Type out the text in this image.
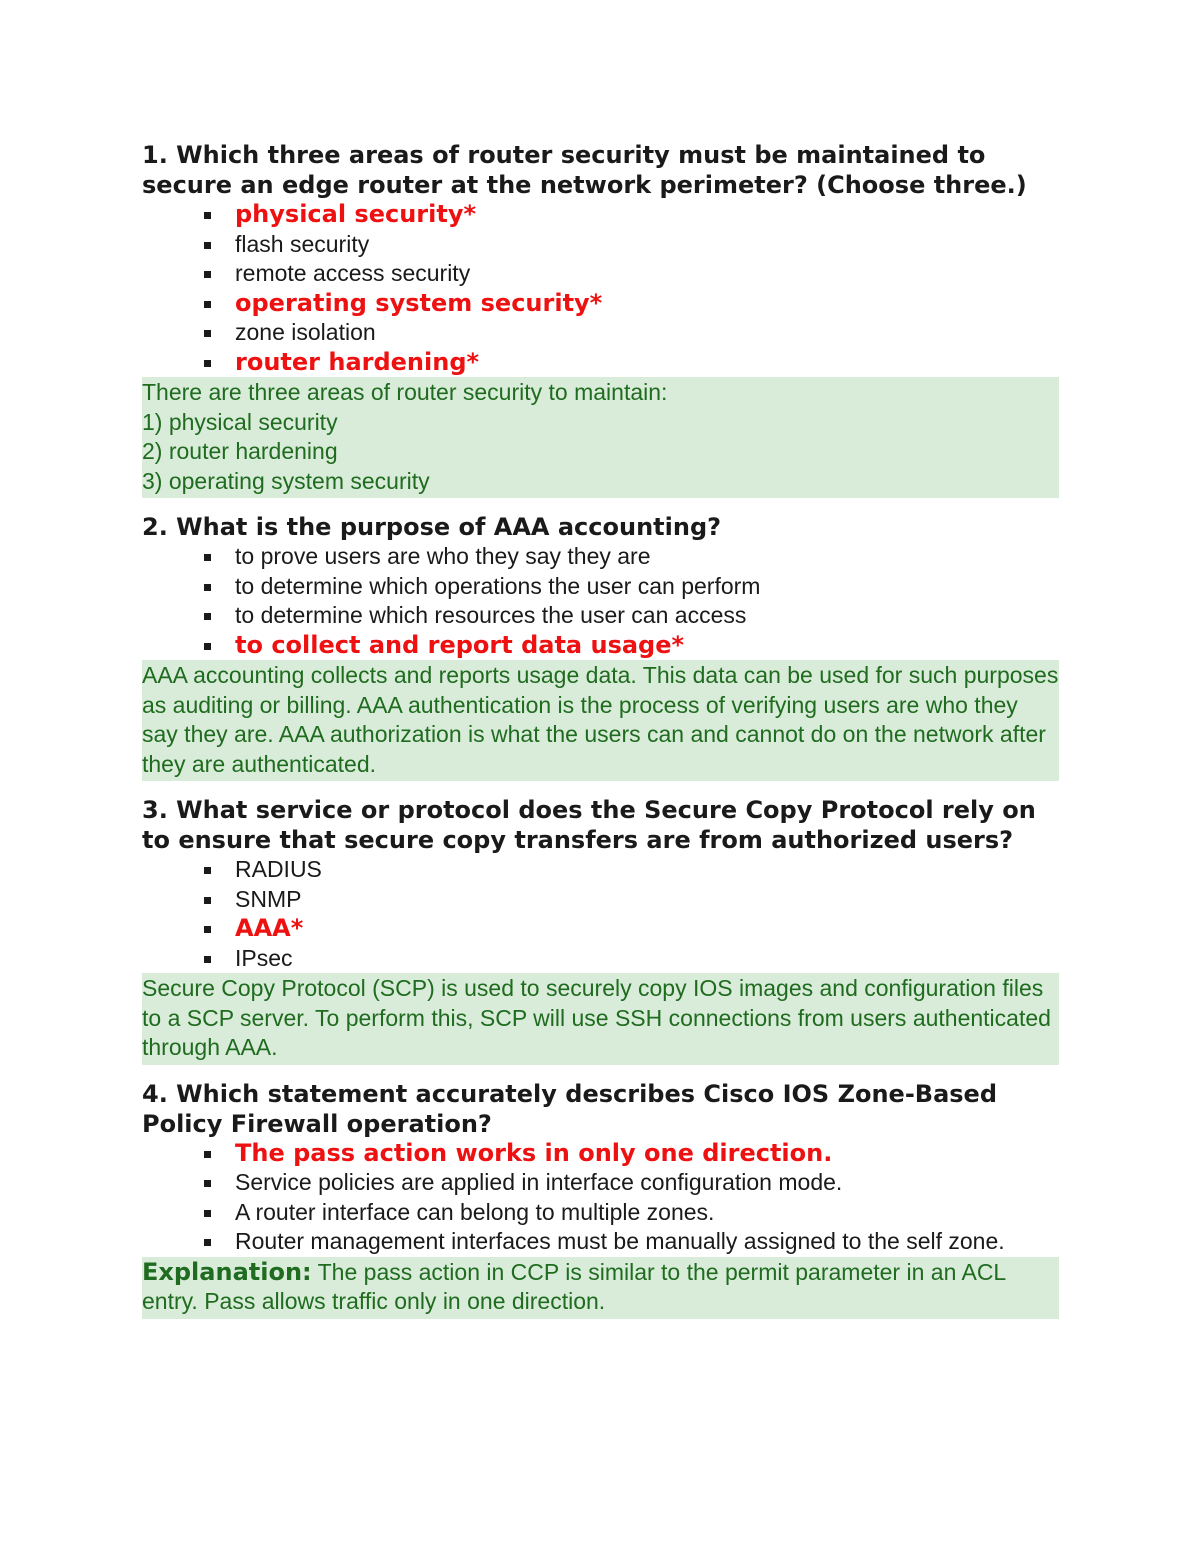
1. Which three areas of router security must be maintained to secure an edge router at the network perimeter? (Choose three.)

physical security*
flash security
remote access security
operating system security*
zone isolation
router hardening*
There are three areas of router security to maintain:
1) physical security
2) router hardening
3) operating system security

2. What is the purpose of AAA accounting?

to prove users are who they say they are
to determine which operations the user can perform
to determine which resources the user can access
to collect and report data usage*
AAA accounting collects and reports usage data. This data can be used for such purposes as auditing or billing. AAA authentication is the process of verifying users are who they say they are. AAA authorization is what the users can and cannot do on the network after they are authenticated.

3. What service or protocol does the Secure Copy Protocol rely on to ensure that secure copy transfers are from authorized users?

RADIUS
SNMP
AAA*
IPsec
Secure Copy Protocol (SCP) is used to securely copy IOS images and configuration files to a SCP server. To perform this, SCP will use SSH connections from users authenticated through AAA.

4. Which statement accurately describes Cisco IOS Zone-Based Policy Firewall operation?

The pass action works in only one direction.
Service policies are applied in interface configuration mode.
A router interface can belong to multiple zones.
Router management interfaces must be manually assigned to the self zone.
Explanation: The pass action in CCP is similar to the permit parameter in an ACL entry. Pass allows traffic only in one direction.
